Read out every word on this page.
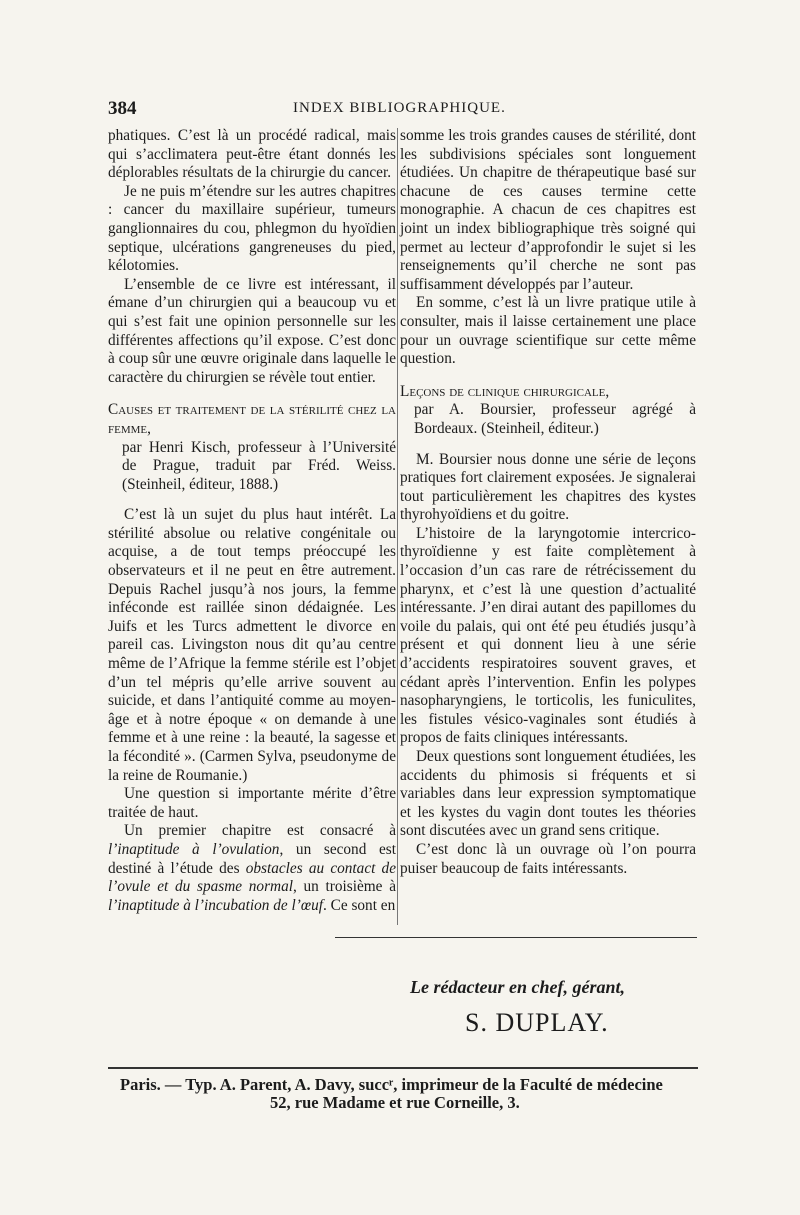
384	INDEX BIBLIOGRAPHIQUE.

phatiques. C’est là un procédé radical, mais qui s’acclimatera peut-être étant donnés les déplorables résultats de la chirurgie du cancer.

Je ne puis m’étendre sur les autres chapitres : cancer du maxillaire supérieur, tumeurs ganglionnaires du cou, phlegmon du hyoïdien septique, ulcérations gangreneuses du pied, kélotomies.

L’ensemble de ce livre est intéressant, il émane d’un chirurgien qui a beaucoup vu et qui s’est fait une opinion personnelle sur les différentes affections qu’il expose. C’est donc à coup sûr une œuvre originale dans laquelle le caractère du chirurgien se révèle tout entier.

Causes et traitement de la stérilité chez la femme,
par Henri Kisch, professeur à l’Université de Prague, traduit par Fréd. Weiss. (Steinheil, éditeur, 1888.)

C’est là un sujet du plus haut intérêt. La stérilité absolue ou relative congénitale ou acquise, a de tout temps préoccupé les observateurs et il ne peut en être autrement. Depuis Rachel jusqu’à nos jours, la femme inféconde est raillée sinon dédaignée. Les Juifs et les Turcs admettent le divorce en pareil cas. Livingston nous dit qu’au centre même de l’Afrique la femme stérile est l’objet d’un tel mépris qu’elle arrive souvent au suicide, et dans l’antiquité comme au moyen-âge et à notre époque « on demande à une femme et à une reine : la beauté, la sagesse et la fécondité ». (Carmen Sylva, pseudonyme de la reine de Roumanie.)

Une question si importante mérite d’être traitée de haut.

Un premier chapitre est consacré à l’inaptitude à l’ovulation, un second est destiné à l’étude des obstacles au contact de l’ovule et du spasme normal, un troisième à l’inaptitude à l’incubation de l’œuf. Ce sont en

somme les trois grandes causes de stérilité, dont les subdivisions spéciales sont longuement étudiées. Un chapitre de thérapeutique basé sur chacune de ces causes termine cette monographie. A chacun de ces chapitres est joint un index bibliographique très soigné qui permet au lecteur d’approfondir le sujet si les renseignements qu’il cherche ne sont pas suffisamment développés par l’auteur.

En somme, c’est là un livre pratique utile à consulter, mais il laisse certainement une place pour un ouvrage scientifique sur cette même question.

Leçons de clinique chirurgicale,
par A. Boursier, professeur agrégé à Bordeaux. (Steinheil, éditeur.)

M. Boursier nous donne une série de leçons pratiques fort clairement exposées. Je signalerai tout particulièrement les chapitres des kystes thyrohyoïdiens et du goitre.

L’histoire de la laryngotomie intercrico-thyroïdienne y est faite complètement à l’occasion d’un cas rare de rétrécissement du pharynx, et c’est là une question d’actualité intéressante. J’en dirai autant des papillomes du voile du palais, qui ont été peu étudiés jusqu’à présent et qui donnent lieu à une série d’accidents respiratoires souvent graves, et cédant après l’intervention. Enfin les polypes nasopharyngiens, le torticolis, les funiculites, les fistules vésico-vaginales sont étudiés à propos de faits cliniques intéressants.

Deux questions sont longuement étudiées, les accidents du phimosis si fréquents et si variables dans leur expression symptomatique et les kystes du vagin dont toutes les théories sont discutées avec un grand sens critique.

C’est donc là un ouvrage où l’on pourra puiser beaucoup de faits intéressants.

Le rédacteur en chef, gérant,
S. DUPLAY.
Paris. — Typ. A. Parent, A. Davy, succʳ, imprimeur de la Faculté de médecine
52, rue Madame et rue Corneille, 3.
